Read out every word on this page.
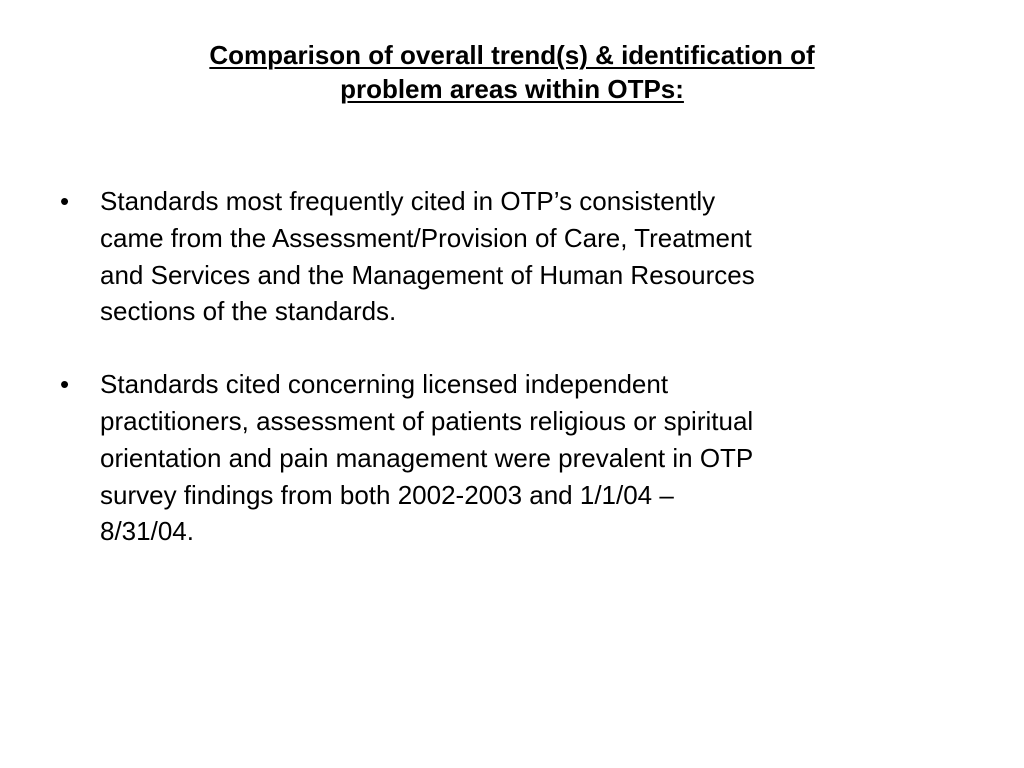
Comparison of overall trend(s) & identification of
problem areas within OTPs:
•	Standards most frequently cited in OTP’s consistently
came from the Assessment/Provision of Care, Treatment
and Services and the Management of Human Resources
sections of the standards.
•	Standards cited concerning licensed independent
practitioners, assessment of patients religious or spiritual
orientation and pain management were prevalent in OTP
survey findings from both 2002-2003 and 1/1/04 –
8/31/04.
